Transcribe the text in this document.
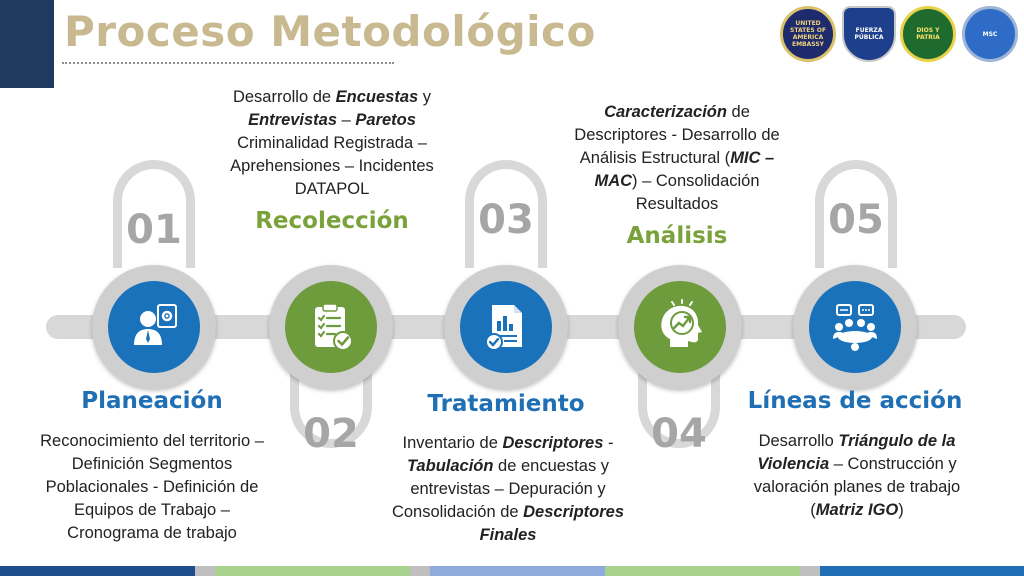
Proceso Metodológico	UNITED STATES OF AMERICA EMBASSY
FUERZA PÚBLICA
DIOS Y PATRIA	MSC
01
02
03
04
05
Planeación
Recolección
Tratamiento
Análisis
Líneas de acción
Reconocimiento del territorio – Definición Segmentos Poblacionales - Definición de Equipos de Trabajo – Cronograma de trabajo
Desarrollo de Encuestas y Entrevistas – Paretos Criminalidad Registrada – Aprehensiones – Incidentes DATAPOL
Inventario de Descriptores - Tabulación de encuestas y entrevistas – Depuración y Consolidación de Descriptores Finales
Caracterización de Descriptores - Desarrollo de Análisis Estructural (MIC – MAC) – Consolidación Resultados
Desarrollo Triángulo de la Violencia – Construcción y valoración planes de trabajo (Matriz IGO)
